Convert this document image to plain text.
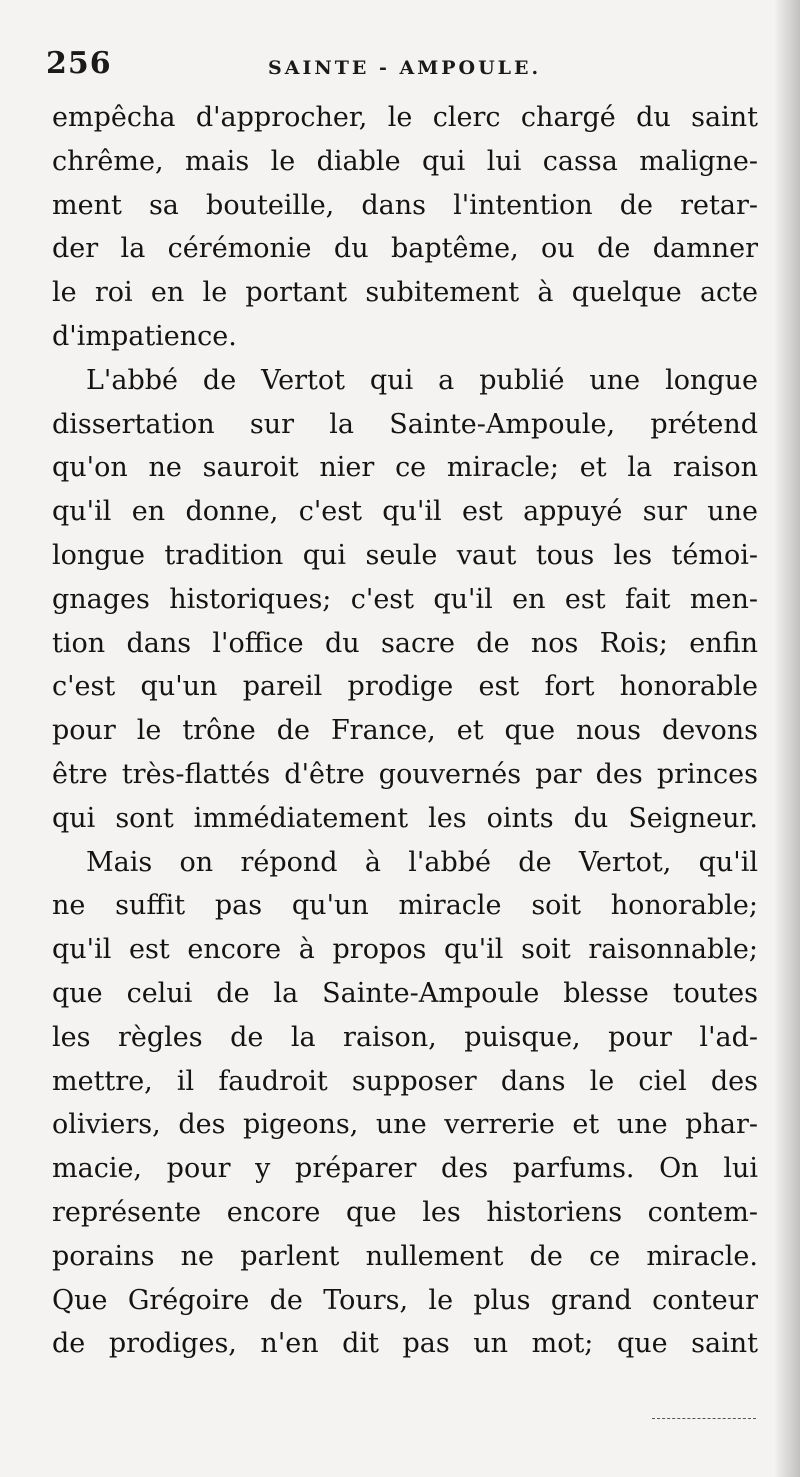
256	SAINTE - AMPOULE.
empêcha d'approcher, le clerc chargé du saint
chrême, mais le diable qui lui cassa maligne-
ment sa bouteille, dans l'intention de retar-
der la cérémonie du baptême, ou de damner
le roi en le portant subitement à quelque acte
d'impatience.
L'abbé de Vertot qui a publié une longue
dissertation sur la Sainte-Ampoule, prétend
qu'on ne sauroit nier ce miracle; et la raison
qu'il en donne, c'est qu'il est appuyé sur une
longue tradition qui seule vaut tous les témoi-
gnages historiques; c'est qu'il en est fait men-
tion dans l'office du sacre de nos Rois; enfin
c'est qu'un pareil prodige est fort honorable
pour le trône de France, et que nous devons
être très-flattés d'être gouvernés par des princes
qui sont immédiatement les oints du Seigneur.
Mais on répond à l'abbé de Vertot, qu'il
ne suffit pas qu'un miracle soit honorable;
qu'il est encore à propos qu'il soit raisonnable;
que celui de la Sainte-Ampoule blesse toutes
les règles de la raison, puisque, pour l'ad-
mettre, il faudroit supposer dans le ciel des
oliviers, des pigeons, une verrerie et une phar-
macie, pour y préparer des parfums. On lui
représente encore que les historiens contem-
porains ne parlent nullement de ce miracle.
Que Grégoire de Tours, le plus grand conteur
de prodiges, n'en dit pas un mot; que saint
